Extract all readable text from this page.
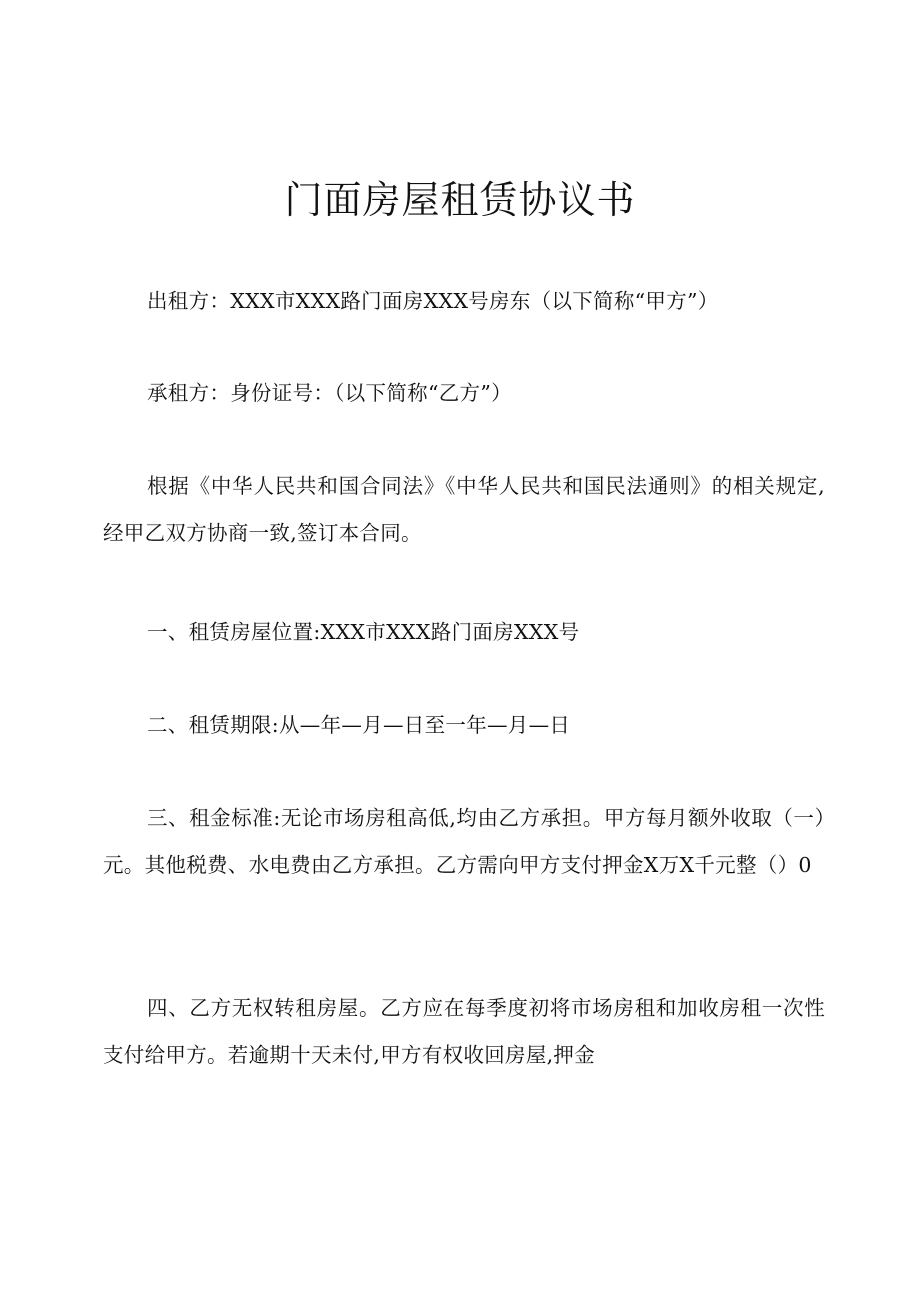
门面房屋租赁协议书

出租方：XXX市XXX路门面房XXX号房东（以下简称“甲方”）

承租方：身份证号：（以下简称“乙方”）

根据《中华人民共和国合同法》《中华人民共和国民法通则》的相关规定,经甲乙双方协商一致,签订本合同。

一、租赁房屋位置:XXX市XXX路门面房XXX号

二、租赁期限:从—年—月—日至一年—月—日

三、租金标准:无论市场房租高低,均由乙方承担。甲方每月额外收取（一）元。其他税费、水电费由乙方承担。乙方需向甲方支付押金X万X千元整（）0

四、乙方无权转租房屋。乙方应在每季度初将市场房租和加收房租一次性支付给甲方。若逾期十天未付,甲方有权收回房屋,押金
